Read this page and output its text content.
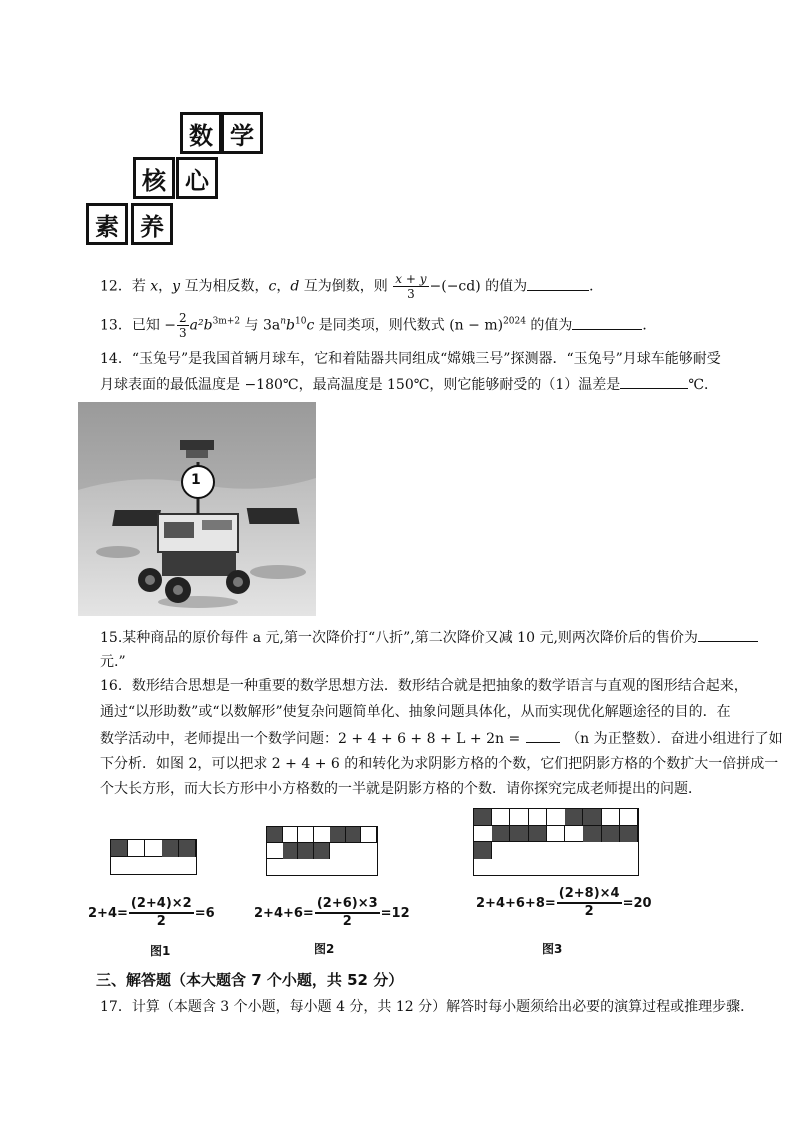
数 学
核 心
素 养
12．若 x，y 互为相反数，c，d 互为倒数，则 $\frac{x + y}{3} -(-cd)$ 的值为	．
13．已知 − $\frac{2}{3} a^2b^{3m+2}$ 与 $3a^nb^{10}c$ 是同类项，则代数式 $(n - m)^{2024}$ 的值为	．
14．“玉兔号”是我国首辆月球车，它和着陆器共同组成“嫦娥三号”探测器．“玉兔号”月球车能够耐受
月球表面的最低温度是 −180℃，最高温度是 150℃，则它能够耐受的（1）温差是	℃．
1
15.某种商品的原价每件 a 元,第一次降价打“八折”,第二次降价又减 10 元,则两次降价后的售价为
元.”
16．数形结合思想是一种重要的数学思想方法．数形结合就是把抽象的数学语言与直观的图形结合起来，
通过“以形助数”或“以数解形”使复杂问题简单化、抽象问题具体化，从而实现优化解题途径的目的．在
数学活动中，老师提出一个数学问题：2 + 4 + 6 + 8 + L + 2n =	（n 为正整数）．奋进小组进行了如
下分析．如图 2，可以把求 2 + 4 + 6 的和转化为求阴影方格的个数，它们把阴影方格的个数扩大一倍拼成一
个大长方形，而大长方形中小方格数的一半就是阴影方格的个数．请你探究完成老师提出的问题．
$2+4= \frac{(2+4)\times 2}{2} =6$	$2+4+6= \frac{(2+6)\times 3}{2} =12$
$2+4+6+8= \frac{(2+8)\times 4}{2} =20$
图1	图2	图3
三、解答题（本大题含 7 个小题，共 52 分）
17．计算（本题含 3 个小题，每小题 4 分，共 12 分）解答时每小题须给出必要的演算过程或推理步骤．
